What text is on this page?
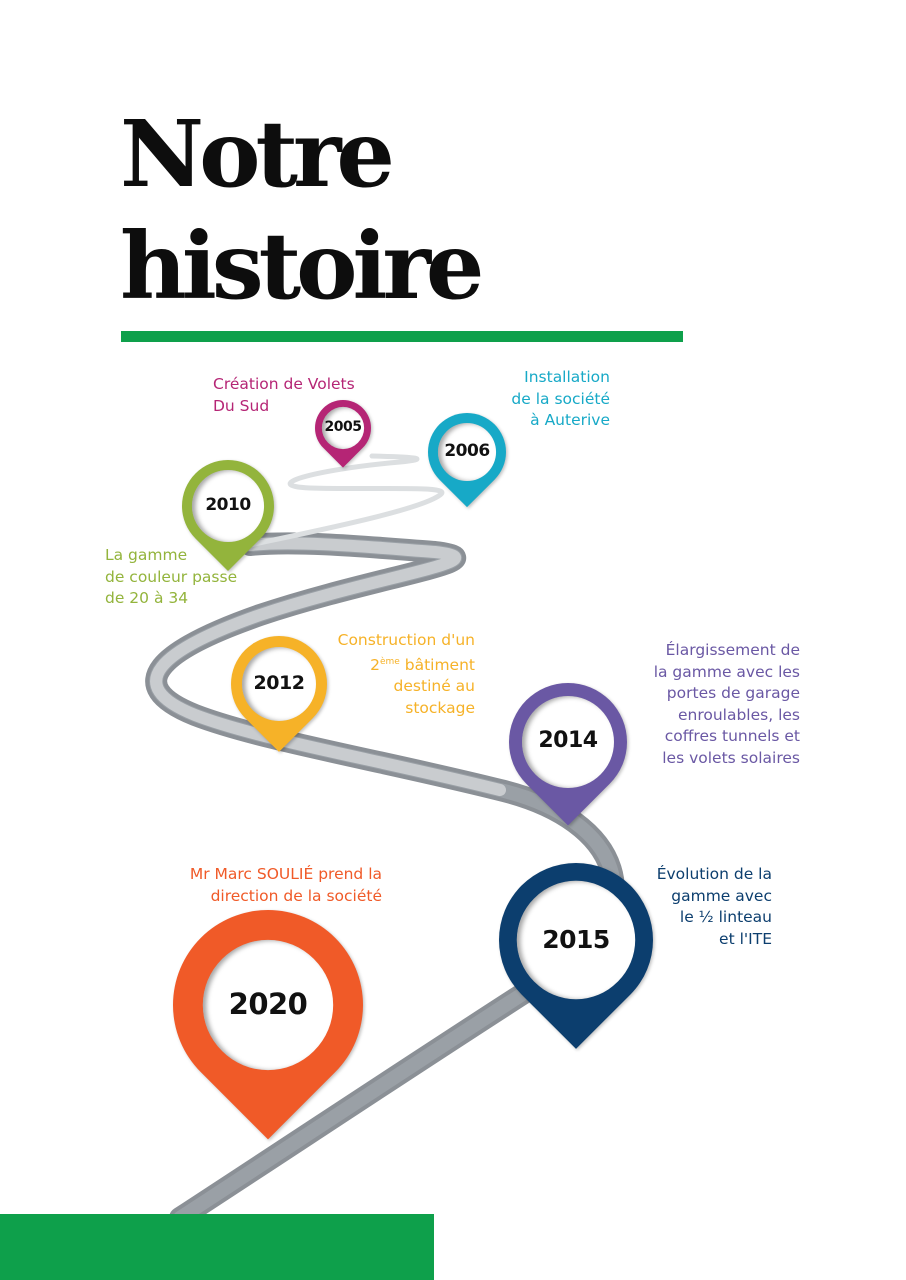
Notre
histoire
2005
Création de Volets
Du Sud
2006
Installation
de la société
à Auterive
2010
La gamme
de couleur passe
de 20 à 34
2012
Construction d'un
2ème bâtiment
destiné au
stockage
2014
Élargissement de
la gamme avec les
portes de garage
enroulables, les
coffres tunnels et
les volets solaires
2015
Évolution de la
gamme avec
le ½ linteau
et l'ITE
2020
Mr Marc SOULIÉ prend la
direction de la société
